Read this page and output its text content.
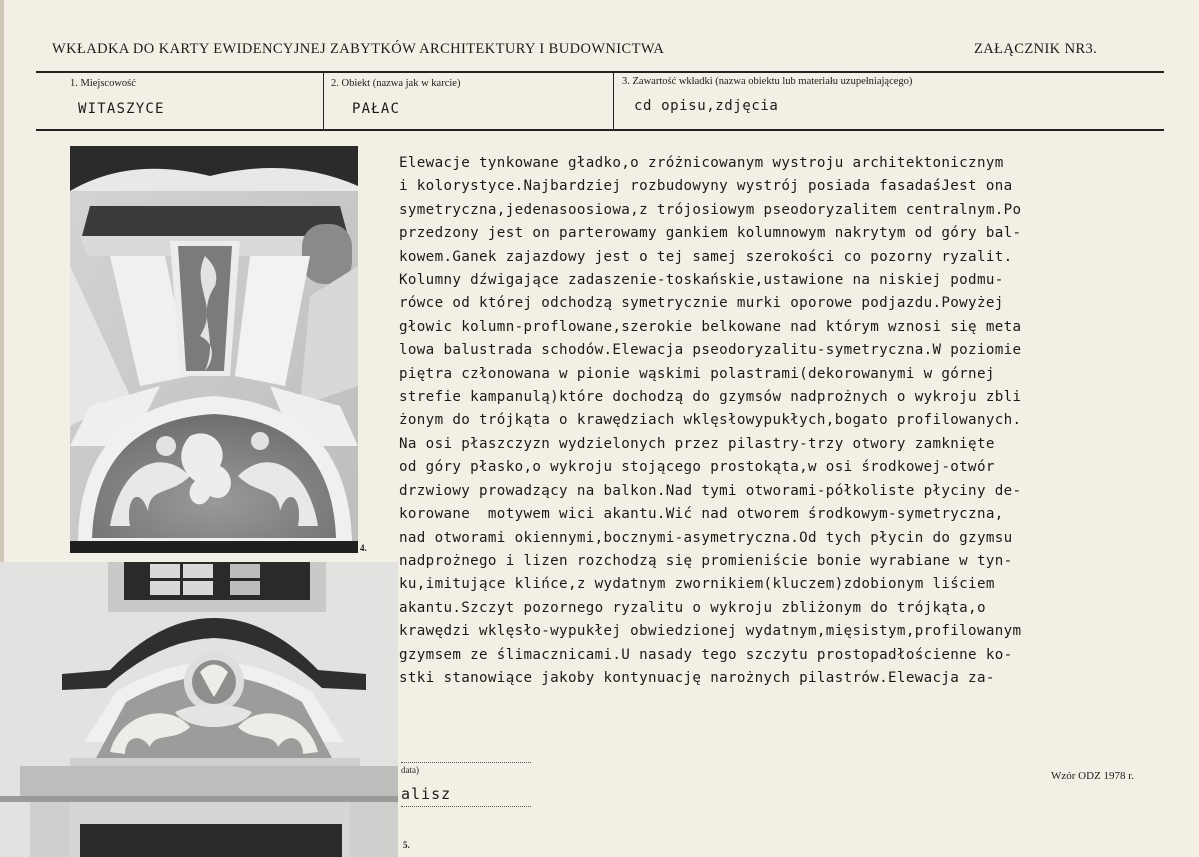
WKŁADKA DO KARTY EWIDENCYJNEJ ZABYTKÓW ARCHITEKTURY I BUDOWNICTWA	ZAŁĄCZNIK NR3.
1. Miejscowość
WITASZYCE
2. Obiekt (nazwa jak w karcie)
PAŁAC
3. Zawartość wkładki (nazwa obiektu lub materiału uzupełniającego)
cd opisu,zdjęcia
4.
Elewacje tynkowane gładko,o zróżnicowanym wystroju architektonicznym
i kolorystyce.Najbardziej rozbudowyny wystrój posiada fasadaśJest ona
symetryczna,jedenasoosiowa,z trójosiowym pseodoryzalitem centralnym.Po
przedzony jest on parterowamy gankiem kolumnowym nakrytym od góry bal-
kowem.Ganek zajazdowy jest o tej samej szerokości co pozorny ryzalit.
Kolumny dźwigające zadaszenie-toskańskie,ustawione na niskiej podmu-
rówce od której odchodzą symetrycznie murki oporowe podjazdu.Powyżej
głowic kolumn-proflowane,szerokie belkowane nad którym wznosi się meta
lowa balustrada schodów.Elewacja pseodoryzalitu-symetryczna.W poziomie
piętra członowana w pionie wąskimi polastrami(dekorowanymi w górnej
strefie kampanulą)które dochodzą do gzymsów nadprożnych o wykroju zbli
żonym do trójkąta o krawędziach wklęsłowypukłych,bogato profilowanych.
Na osi płaszczyzn wydzielonych przez pilastry-trzy otwory zamknięte
od góry płasko,o wykroju stojącego prostokąta,w osi środkowej-otwór
drzwiowy prowadzący na balkon.Nad tymi otworami-półkoliste płyciny de-
korowane  motywem wici akantu.Wić nad otworem środkowym-symetryczna,
nad otworami okiennymi,bocznymi-asymetryczna.Od tych płycin do gzymsu
nadprożnego i lizen rozchodzą się promieniście bonie wyrabiane w tyn-
ku,imitujące klińce,z wydatnym zwornikiem(kluczem)zdobionym liściem
akantu.Szczyt pozornego ryzalitu o wykroju zbliżonym do trójkąta,o
krawędzi wklęsło-wypukłej obwiedzionej wydatnym,mięsistym,profilowanym
gzymsem ze ślimacznicami.U nasady tego szczytu prostopadłościenne ko-
stki stanowiące jakoby kontynuację narożnych pilastrów.Elewacja za-
data)
alisz
Wzór ODZ 1978 r.
5.
